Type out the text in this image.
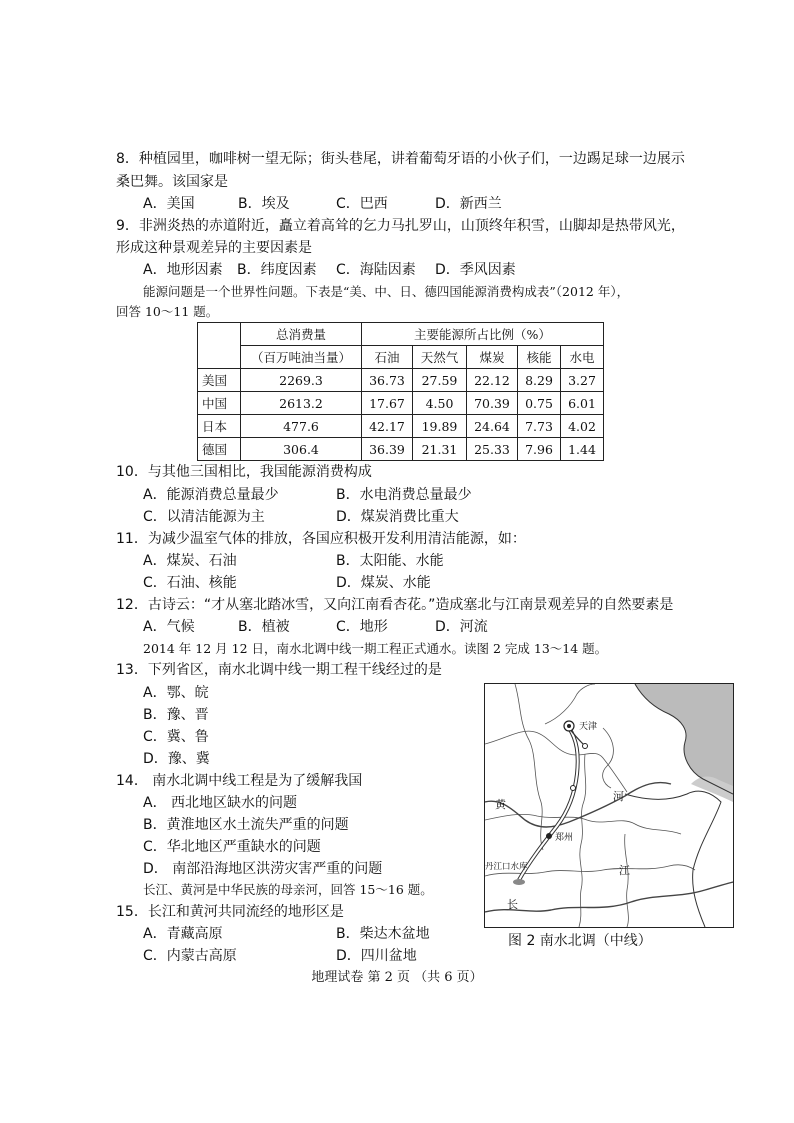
8．种植园里，咖啡树一望无际；街头巷尾，讲着葡萄牙语的小伙子们，一边踢足球一边展示
桑巴舞。该国家是
A．美国	B．埃及	C．巴西	D．新西兰
9．非洲炎热的赤道附近，矗立着高耸的乞力马扎罗山，山顶终年积雪，山脚却是热带风光，
形成这种景观差异的主要因素是
A．地形因素 B．纬度因素 C．海陆因素 D．季风因素
能源问题是一个世界性问题。下表是“美、中、日、德四国能源消费构成表”（2012 年），
回答 10～11 题。
	总消费量	主要能源所占比例（%）				
	（百万吨油当量）	石油	天然气	煤炭	核能	水电
美国	2269.3	36.73	27.59	22.12	8.29	3.27
中国	2613.2	17.67	4.50	70.39	0.75	6.01
日本	477.6	42.17	19.89	24.64	7.73	4.02
德国	306.4	36.39	21.31	25.33	7.96	1.44
10．与其他三国相比，我国能源消费构成
A．能源消费总量最少	B．水电消费总量最少
C．以清洁能源为主	D．煤炭消费比重大
11．为减少温室气体的排放，各国应积极开发利用清洁能源，如：
A．煤炭、石油	B．太阳能、水能
C．石油、核能	D．煤炭、水能
12．古诗云：“才从塞北踏冰雪，又向江南看杏花。”造成塞北与江南景观差异的自然要素是
A．气候	B．植被	C．地形	D．河流
2014 年 12 月 12 日，南水北调中线一期工程正式通水。读图 2 完成 13～14 题。
13．下列省区，南水北调中线一期工程干线经过的是
A．鄂、皖
B．豫、晋
C．冀、鲁
D．豫、冀
14． 南水北调中线工程是为了缓解我国
A． 西北地区缺水的问题
B．黄淮地区水土流失严重的问题
C．华北地区严重缺水的问题
D． 南部沿海地区洪涝灾害严重的问题
长江、黄河是中华民族的母亲河，回答 15～16 题。
15．长江和黄河共同流经的地形区是
A．青藏高原	B．柴达木盆地
C．内蒙古高原	D．四川盆地
天津
郑州
丹江口水库
黄
河
江
长
图 2 南水北调（中线）
地理试卷 第 2 页 （共 6 页）
